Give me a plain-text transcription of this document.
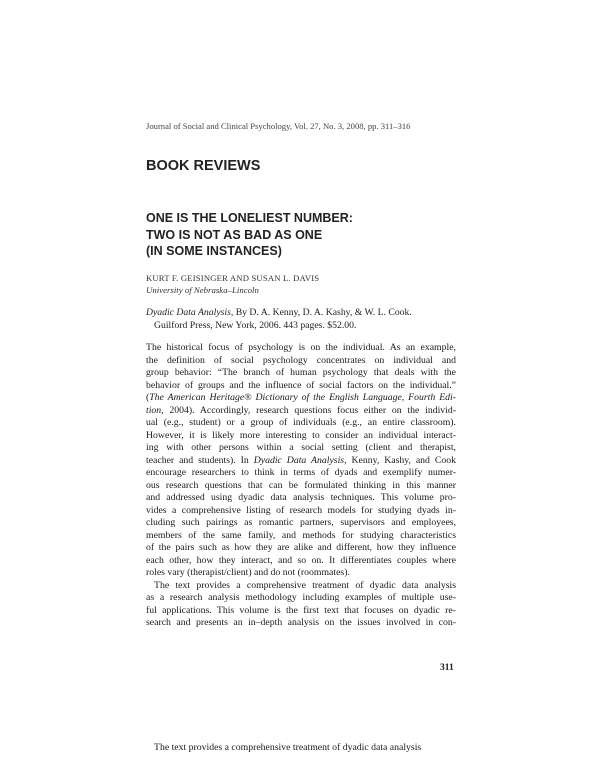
Journal of Social and Clinical Psychology, Vol. 27, No. 3, 2008, pp. 311–316
BOOK REVIEWS
ONE IS THE LONELIEST NUMBER:
TWO IS NOT AS BAD AS ONE
(IN SOME INSTANCES)
KURT F. GEISINGER AND SUSAN L. DAVIS
University of Nebraska–Lincoln
Dyadic Data Analysis, By D. A. Kenny, D. A. Kashy, & W. L. Cook.
Guilford Press, New York, 2006. 443 pages. $52.00.
The historical focus of psychology is on the individual. As an example,
the definition of social psychology concentrates on individual and
group behavior: “The branch of human psychology that deals with the
behavior of groups and the influence of social factors on the individual.”
(The American Heritage® Dictionary of the English Language, Fourth Edi-
tion, 2004). Accordingly, research questions focus either on the individ-
ual (e.g., student) or a group of individuals (e.g., an entire classroom).
However, it is likely more interesting to consider an individual interact-
ing with other persons within a social setting (client and therapist,
teacher and students). In Dyadic Data Analysis, Kenny, Kashy, and Cook
encourage researchers to think in terms of dyads and exemplify numer-
ous research questions that can be formulated thinking in this manner
and addressed using dyadic data analysis techniques. This volume pro-
vides a comprehensive listing of research models for studying dyads in-
cluding such pairings as romantic partners, supervisors and employees,
members of the same family, and methods for studying characteristics
of the pairs such as how they are alike and different, how they influence
each other, how they interact, and so on. It differentiates couples where
roles vary (therapist/client) and do not (roommates).
The text provides a comprehensive treatment of dyadic data analysis
as a research analysis methodology including examples of multiple use-
ful applications. This volume is the first text that focuses on dyadic re-
search and presents an in–depth analysis on the issues involved in con-
311
The text provides a comprehensive treatment of dyadic data analysis
